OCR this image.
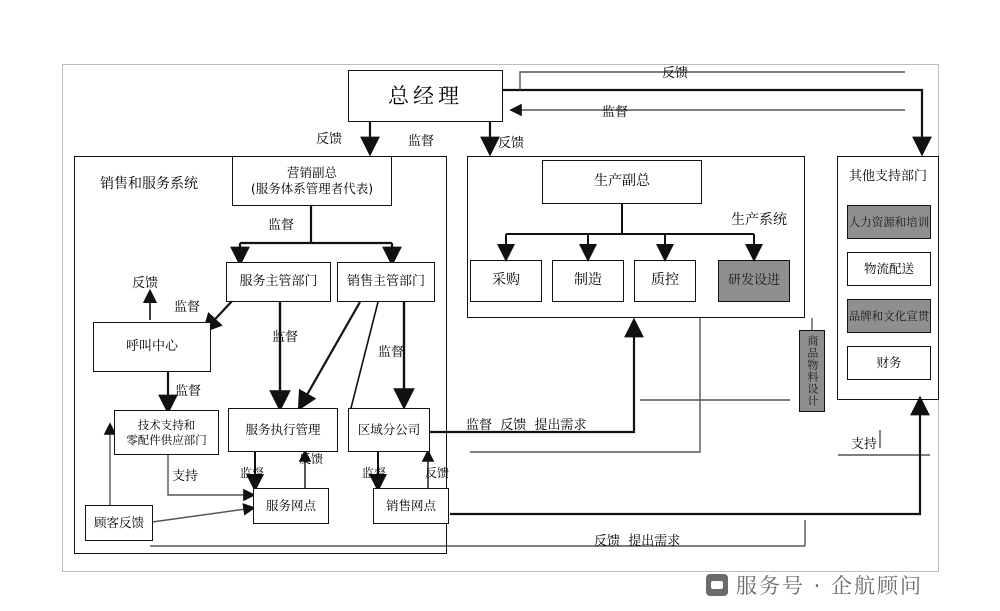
总经理
销售和服务系统
生产系统
其他支持部门
营销副总
(服务体系管理者代表)
服务主管部门	销售主管部门
呼叫中心
技术支持和
零配件供应部门
服务执行管理	区域分公司
服务网点	销售网点
顾客反馈
生产副总
采购	制造	质控	研发设进
商品物料设计
人力资源和培训
物流配送
品牌和文化宣贯
财务
反馈
监督
反馈	监督	反馈
监督
反馈
监督
监督
监督
监督
支持	监督
反馈
监督	反馈
监督  反馈  提出需求
反馈  提出需求
支持
服务号 · 企航顾问
